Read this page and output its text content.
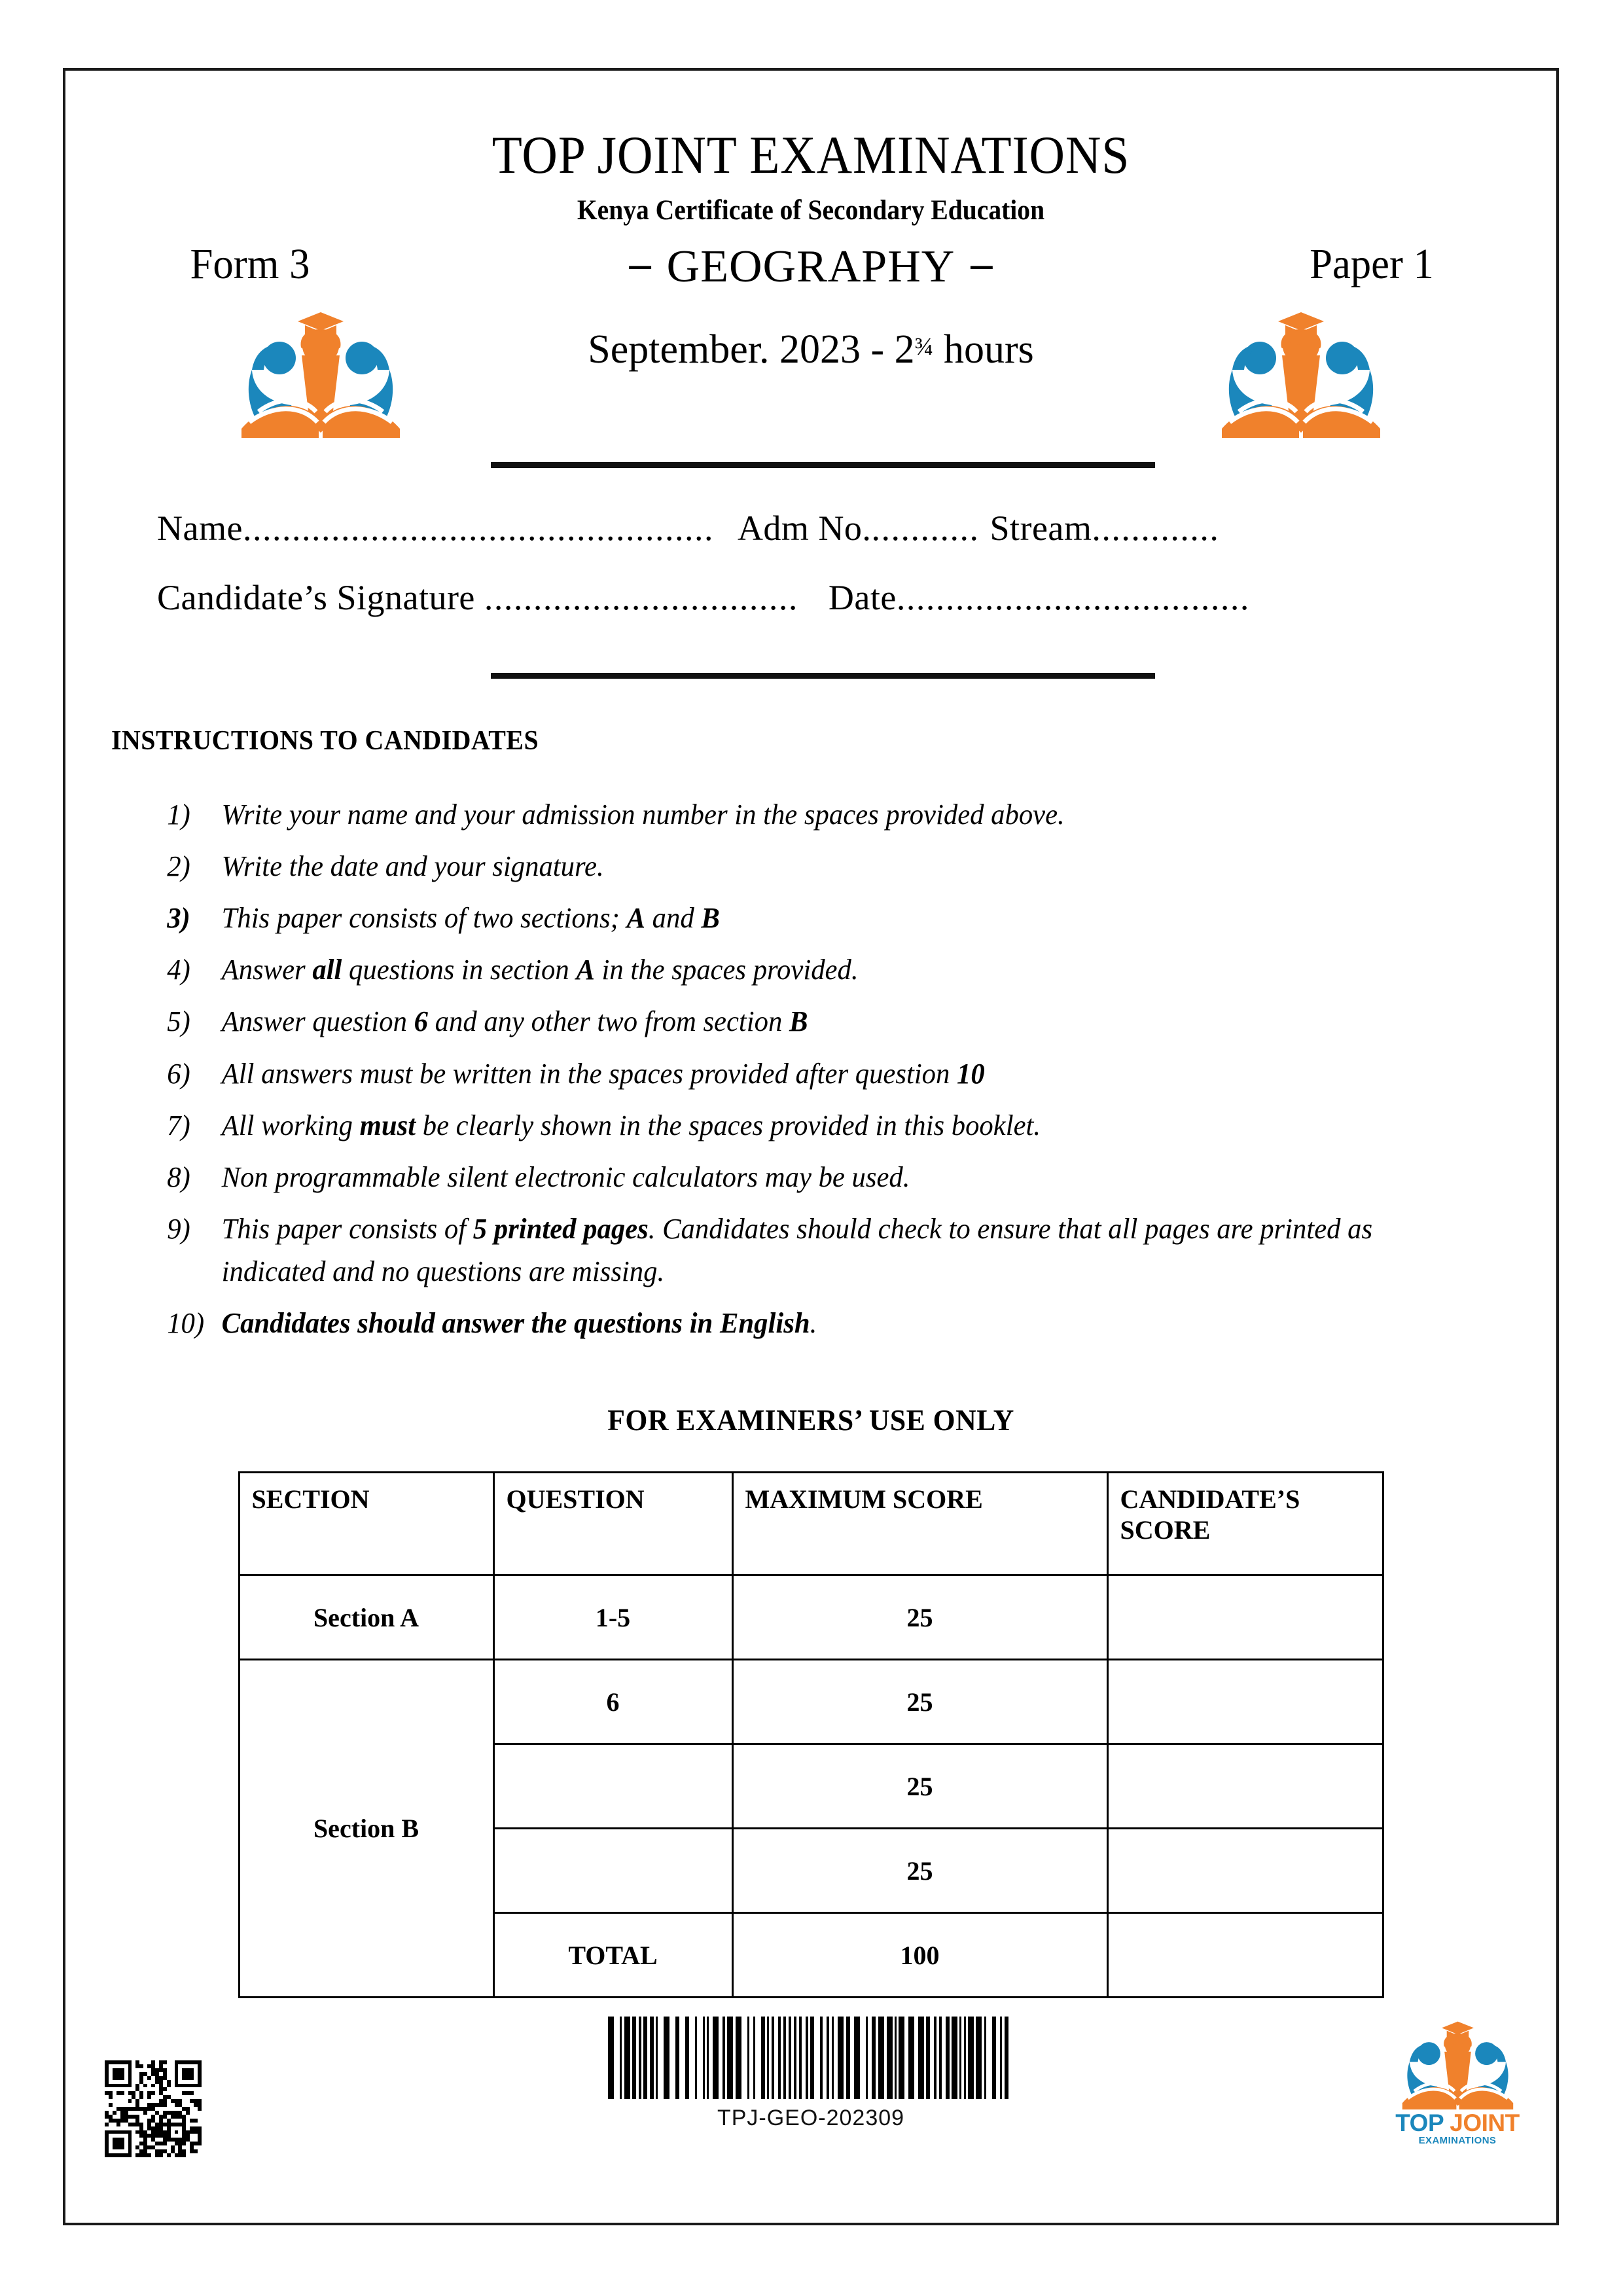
TOP JOINT EXAMINATIONS
Kenya Certificate of Secondary Education
Form 3	– GEOGRAPHY –	Paper 1
September. 2023 - 2¾ hours
Name................................................ Adm No............ Stream.............
Candidate’s Signature ................................ Date....................................
INSTRUCTIONS TO CANDIDATES
1)	Write your name and your admission number in the spaces provided above.
2)	Write the date and your signature.
3)	This paper consists of two sections; A and B
4)	Answer all questions in section A in the spaces provided.
5)	Answer question 6 and any other two from section B
6)	All answers must be written in the spaces provided after question 10
7)	All working must be clearly shown in the spaces provided in this booklet.
8)	Non programmable silent electronic calculators may be used.
9)	This paper consists of 5 printed pages. Candidates should check to ensure that all pages are printed as indicated and no questions are missing.
10) Candidates should answer the questions in English.
FOR EXAMINERS’ USE ONLY
SECTION	QUESTION	MAXIMUM SCORE	CANDIDATE’S SCORE
Section A	1-5	25	
Section B	6	25	
		25	
		25	
	TOTAL	100	
TPJ-GEO-202309	TOP JOINT
EXAMINATIONS
